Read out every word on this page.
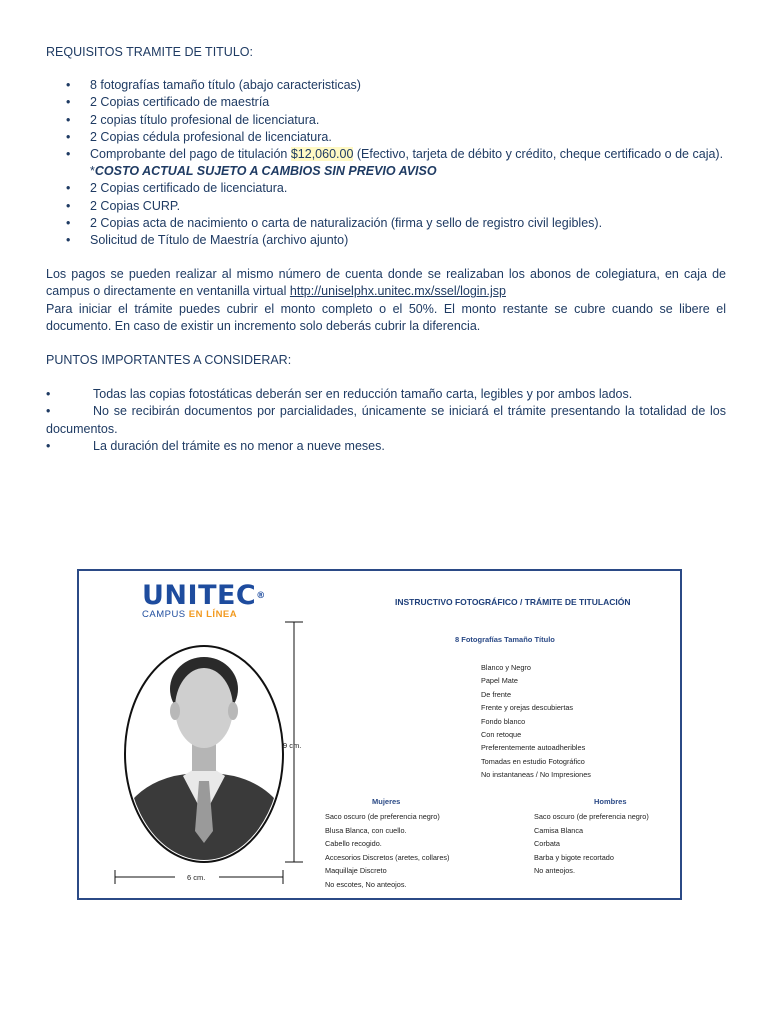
REQUISITOS TRAMITE DE TITULO:
• 8 fotografías tamaño título (abajo caracteristicas)
• 2 Copias certificado de maestría
• 2 copias título profesional de licenciatura.
• 2 Copias cédula profesional de licenciatura.
• Comprobante del pago de titulación $12,060.00 (Efectivo, tarjeta de débito y crédito, cheque certificado o de caja). *COSTO ACTUAL SUJETO A CAMBIOS SIN PREVIO AVISO
• 2 Copias certificado de licenciatura.
• 2 Copias CURP.
• 2 Copias acta de nacimiento o carta de naturalización (firma y sello de registro civil legibles).
• Solicitud de Título de Maestría (archivo ajunto)

Los pagos se pueden realizar al mismo número de cuenta donde se realizaban los abonos de colegiatura, en caja de campus o directamente en ventanilla virtual http://uniselphx.unitec.mx/ssel/login.jsp

Para iniciar el trámite puedes cubrir el monto completo o el 50%. El monto restante se cubre cuando se libere el documento. En caso de existir un incremento solo deberás cubrir la diferencia.

PUNTOS IMPORTANTES A CONSIDERAR:
•	Todas las copias fotostáticas deberán ser en reducción tamaño carta, legibles y por ambos lados.
•	No se recibirán documentos por parcialidades, únicamente se iniciará el trámite presentando la totalidad de los documentos.
•	La duración del trámite es no menor a nueve meses.
UNITEC®
CAMPUS EN LÍNEA
INSTRUCTIVO FOTOGRÁFICO / TRÁMITE DE TITULACIÓN
8 Fotografías Tamaño Título
Blanco y Negro
Papel Mate
De frente
Frente y orejas descubiertas
Fondo blanco
Con retoque
Preferentemente autoadheribles
Tomadas en estudio Fotográfico
No instantaneas / No Impresiones
Mujeres
Saco oscuro (de preferencia negro)
Blusa Blanca, con cuello.
Cabello recogido.
Accesorios Discretos (aretes, collares)
Maquillaje Discreto
No escotes, No anteojos.
Hombres
Saco oscuro (de preferencia negro)
Camisa Blanca
Corbata
Barba y bigote recortado
No anteojos.
9 cm.
6 cm.
